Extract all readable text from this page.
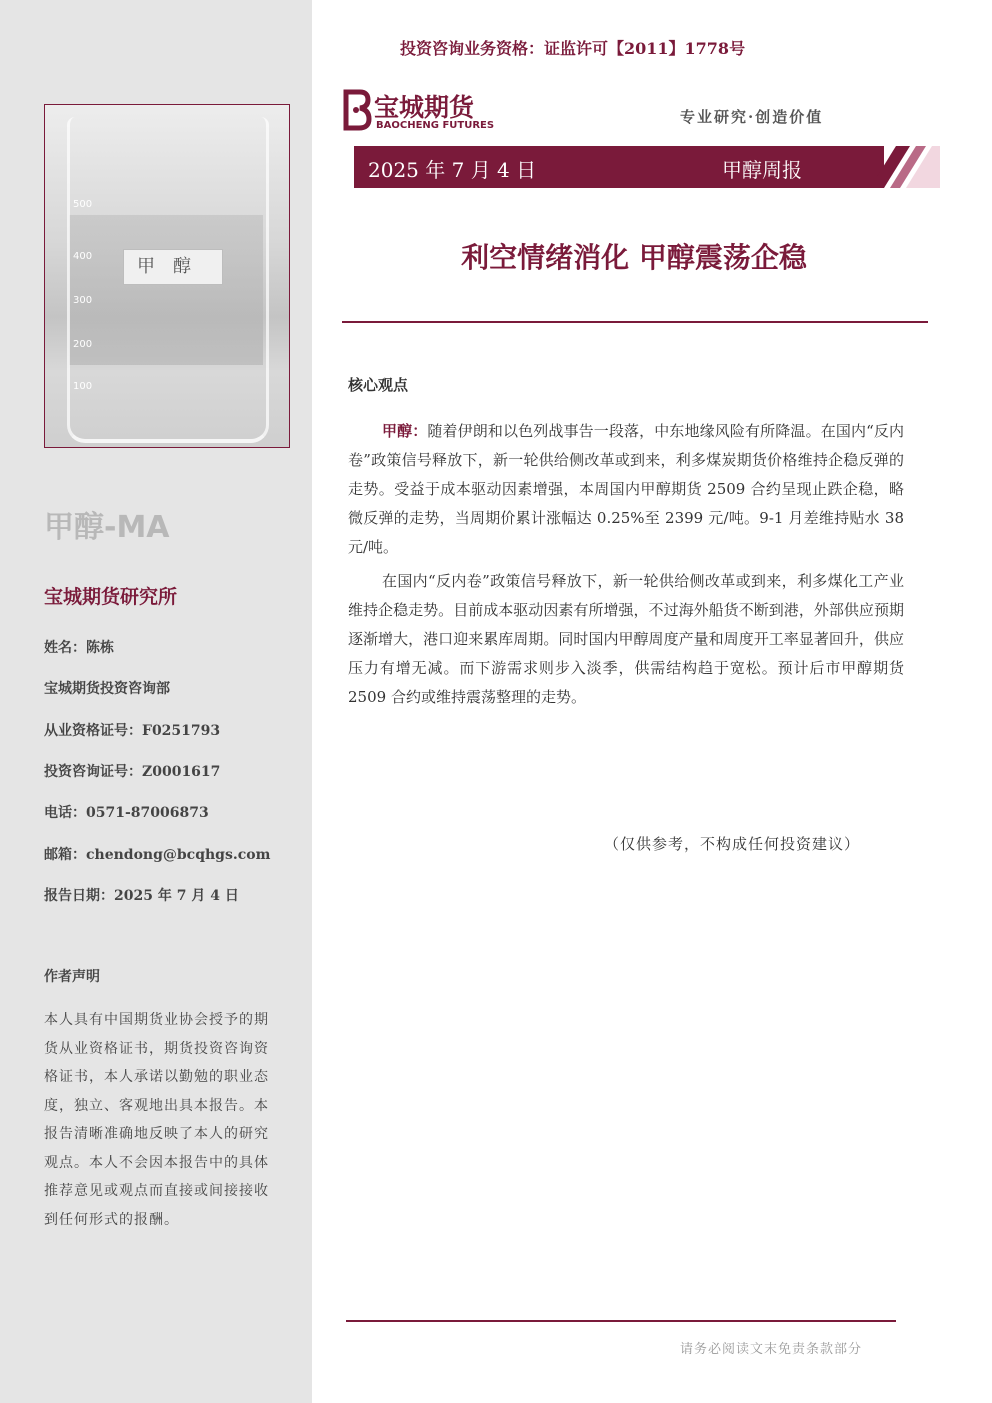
500
400
300
200
100
甲醇
甲醇-MA
宝城期货研究所
姓名：陈栋
宝城期货投资咨询部
从业资格证号：F0251793
投资咨询证号：Z0001617
电话：0571-87006873
邮箱：chendong@bcqhgs.com
报告日期：2025 年 7 月 4 日
作者声明
本人具有中国期货业协会授予的期货从业资格证书，期货投资咨询资格证书，本人承诺以勤勉的职业态度，独立、客观地出具本报告。本报告清晰准确地反映了本人的研究观点。本人不会因本报告中的具体推荐意见或观点而直接或间接接收到任何形式的报酬。
投资咨询业务资格：证监许可【2011】1778号
宝城期货
BAOCHENG FUTURES	专业研究·创造价值
2025 年 7 月 4 日	甲醇周报
利空情绪消化 甲醇震荡企稳
核心观点
甲醇：随着伊朗和以色列战事告一段落，中东地缘风险有所降温。在国内“反内卷”政策信号释放下，新一轮供给侧改革或到来，利多煤炭期货价格维持企稳反弹的走势。受益于成本驱动因素增强，本周国内甲醇期货 2509 合约呈现止跌企稳，略微反弹的走势，当周期价累计涨幅达 0.25%至 2399 元/吨。9-1 月差维持贴水 38 元/吨。
在国内“反内卷”政策信号释放下，新一轮供给侧改革或到来，利多煤化工产业维持企稳走势。目前成本驱动因素有所增强，不过海外船货不断到港，外部供应预期逐渐增大，港口迎来累库周期。同时国内甲醇周度产量和周度开工率显著回升，供应压力有增无减。而下游需求则步入淡季，供需结构趋于宽松。预计后市甲醇期货 2509 合约或维持震荡整理的走势。
（仅供参考，不构成任何投资建议）
请务必阅读文末免责条款部分
